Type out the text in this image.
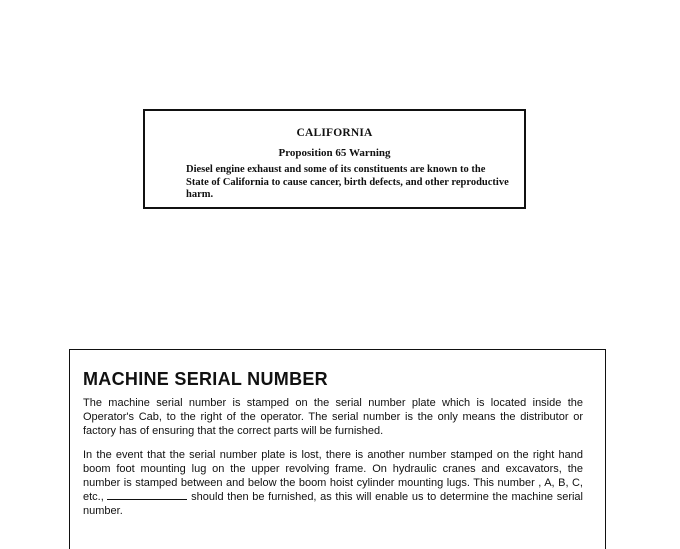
CALIFORNIA
Proposition 65 Warning
Diesel engine exhaust and some of its constituents are known to the State of California to cause cancer, birth defects, and other reproductive harm.
MACHINE SERIAL NUMBER
The machine serial number is stamped on the serial number plate which is located inside the Operator's Cab, to the right of the operator. The serial number is the only means the distributor or factory has of ensuring that the correct parts will be furnished.
In the event that the serial number plate is lost, there is another number stamped on the right hand boom foot mounting lug on the upper revolving frame. On hydraulic cranes and excavators, the number is stamped between and below the boom hoist cylinder mounting lugs. This number , A, B, C, etc.,	should then be furnished, as this will enable us to determine the machine serial number.
